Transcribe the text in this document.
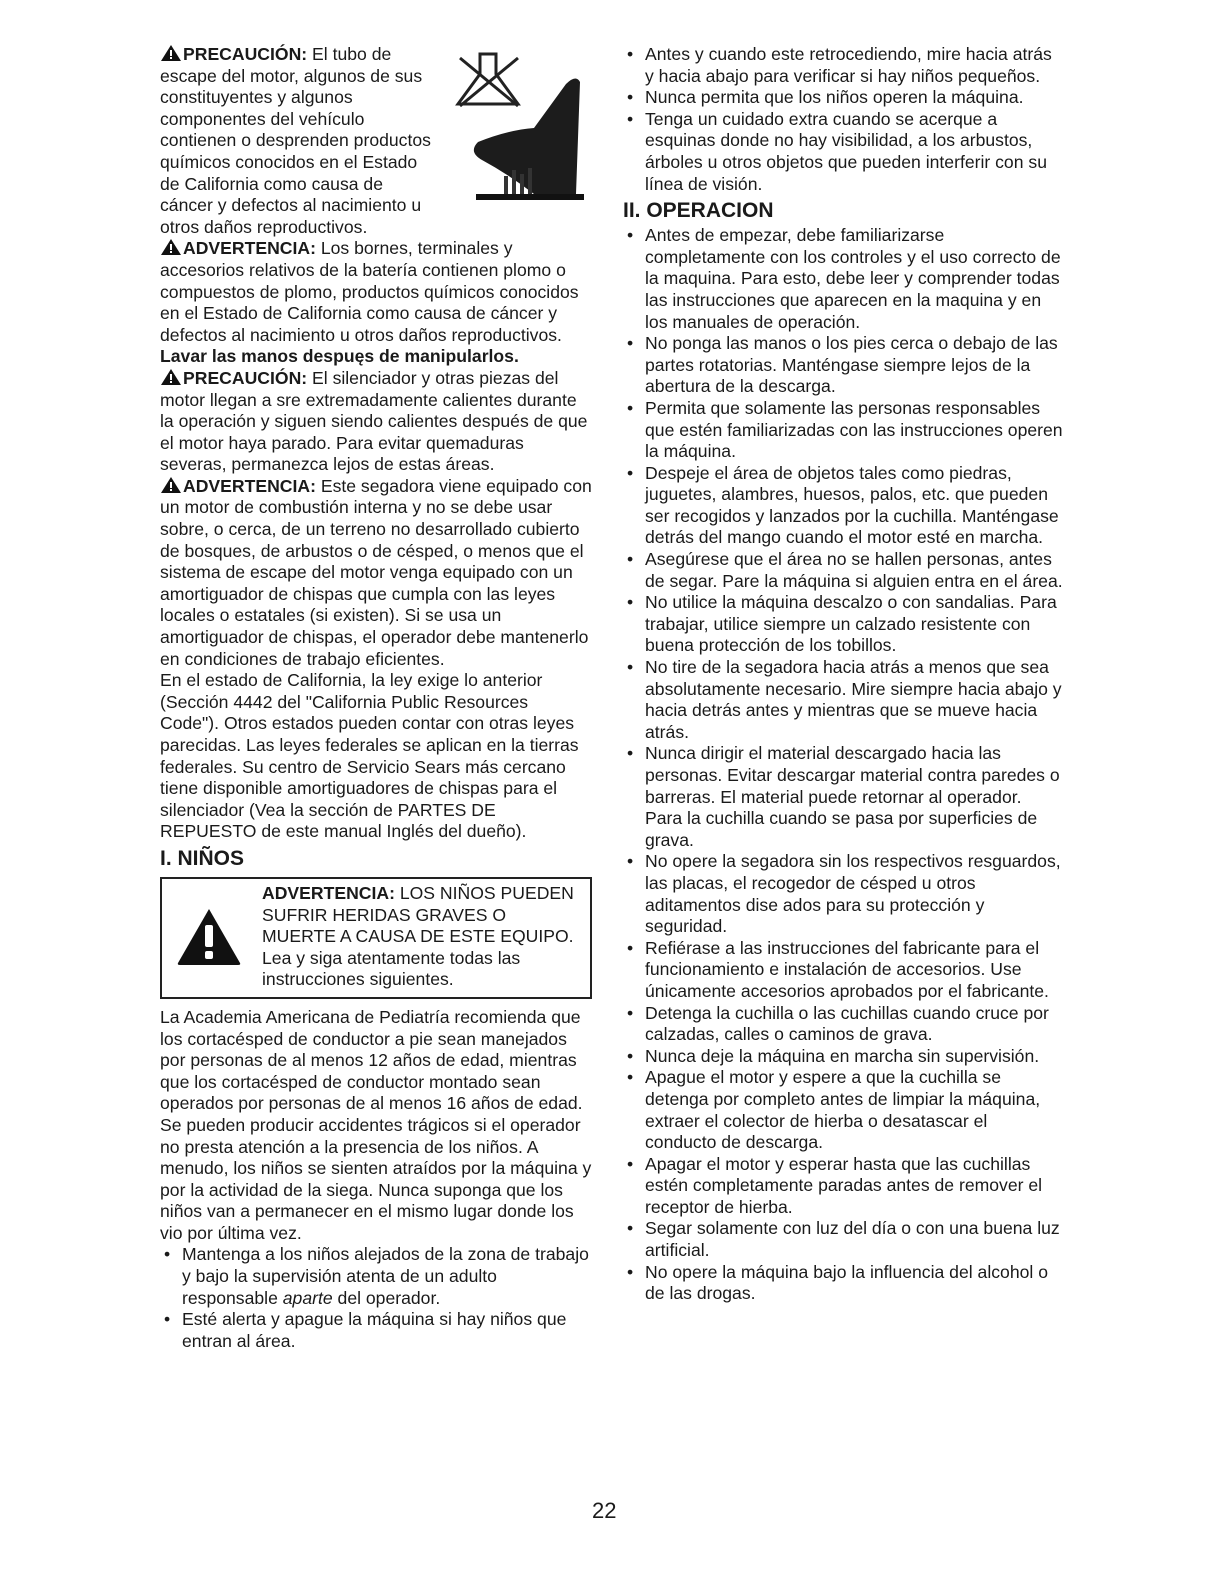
PRECAUCIÓN: El tubo de escape del motor, algunos de sus constituyentes y algunos componentes del vehículo contienen o desprenden productos químicos conocidos en el Estado de California como causa de cáncer y defectos al nacimiento u otros daños reproductivos.

ADVERTENCIA: Los bornes, terminales y accesorios relativos de la batería contienen plomo o compuestos de plomo, productos químicos conocidos en el Estado de California como causa de cáncer y defectos al nacimiento u otros daños reproductivos. Lavar las manos despuęs de manipularlos.

PRECAUCIÓN: El silenciador y otras piezas del motor llegan a sre extremadamente calientes durante la operación y siguen siendo calientes después de que el motor haya parado. Para evitar quemaduras severas, permanezca lejos de estas áreas.

ADVERTENCIA: Este segadora viene equipado con un motor de combustión interna y no se debe usar sobre, o cerca, de un terreno no desarrollado cubierto de bosques, de arbustos o de césped, o menos que el sistema de escape del motor venga equipado con un amortiguador de chispas que cumpla con las leyes locales o estatales (si existen). Si se usa un amortiguador de chispas, el operador debe mantenerlo en condiciones de trabajo eficientes.

En el estado de California, la ley exige lo anterior (Sección 4442 del "California Public Resources Code"). Otros estados pueden contar con otras leyes parecidas. Las leyes federales se aplican en la tierras federales. Su centro de Servicio Sears más cercano tiene disponible amortiguadores de chispas para el silenciador (Vea la sección de PARTES DE REPUESTO de este manual Inglés del dueño).

I. NIÑOS
ADVERTENCIA: LOS NIÑOS PUEDEN SUFRIR HERIDAS GRAVES O MUERTE A CAUSA DE ESTE EQUIPO. Lea y siga atentamente todas las instrucciones siguientes.

La Academia Americana de Pediatría recomienda que los cortacésped de conductor a pie sean manejados por personas de al menos 12 años de edad, mientras que los cortacésped de conductor montado sean operados por personas de al menos 16 años de edad.

Se pueden producir accidentes trágicos si el operador no presta atención a la presencia de los niños. A menudo, los niños se sienten atraídos por la máquina y por la actividad de la siega. Nunca suponga que los niños van a permanecer en el mismo lugar donde los vio por última vez.

• Mantenga a los niños alejados de la zona de trabajo y bajo la supervisión atenta de un adulto responsable aparte del operador.
• Esté alerta y apague la máquina si hay niños que entran al área.
• Antes y cuando este retrocediendo, mire hacia atrás y hacia abajo para verificar si hay niños pequeños.
• Nunca permita que los niños operen la máquina.
• Tenga un cuidado extra cuando se acerque a esquinas donde no hay visibilidad, a los arbustos, árboles u otros objetos que pueden interferir con su línea de visión.
II. OPERACION
• Antes de empezar, debe familiarizarse completamente con los controles y el uso correcto de la maquina. Para esto, debe leer y comprender todas las instrucciones que aparecen en la maquina y en los manuales de operación.
• No ponga las manos o los pies cerca o debajo de las partes rotatorias. Manténgase siempre lejos de la abertura de la descarga.
• Permita que solamente las personas responsables que estén familiarizadas con las instrucciones operen la máquina.
• Despeje el área de objetos tales como piedras, juguetes, alambres, huesos, palos, etc. que pueden ser recogidos y lanzados por la cuchilla. Manténgase detrás del mango cuando el motor esté en marcha.
• Asegúrese que el área no se hallen personas, antes de segar. Pare la máquina si alguien entra en el área.
• No utilice la máquina descalzo o con sandalias. Para trabajar, utilice siempre un calzado resistente con buena protección de los tobillos.
• No tire de la segadora hacia atrás a menos que sea absolutamente necesario. Mire siempre hacia abajo y hacia detrás antes y mientras que se mueve hacia atrás.
• Nunca dirigir el material descargado hacia las personas. Evitar descargar material contra paredes o barreras. El material puede retornar al operador. Para la cuchilla cuando se pasa por superficies de grava.
• No opere la segadora sin los respectivos resguardos, las placas, el recogedor de césped u otros aditamentos dise ados para su protección y seguridad.
• Refiérase a las instrucciones del fabricante para el funcionamiento e instalación de accesorios. Use únicamente accesorios aprobados por el fabricante.
• Detenga la cuchilla o las cuchillas cuando cruce por calzadas, calles o caminos de grava.
• Nunca deje la máquina en marcha sin supervisión.
• Apague el motor y espere a que la cuchilla se detenga por completo antes de limpiar la máquina, extraer el colector de hierba o desatascar el conducto de descarga.
• Apagar el motor y esperar hasta que las cuchillas estén completamente paradas antes de remover el receptor de hierba.
• Segar solamente con luz del día o con una buena luz artificial.
• No opere la máquina bajo la influencia del alcohol o de las drogas.
22
